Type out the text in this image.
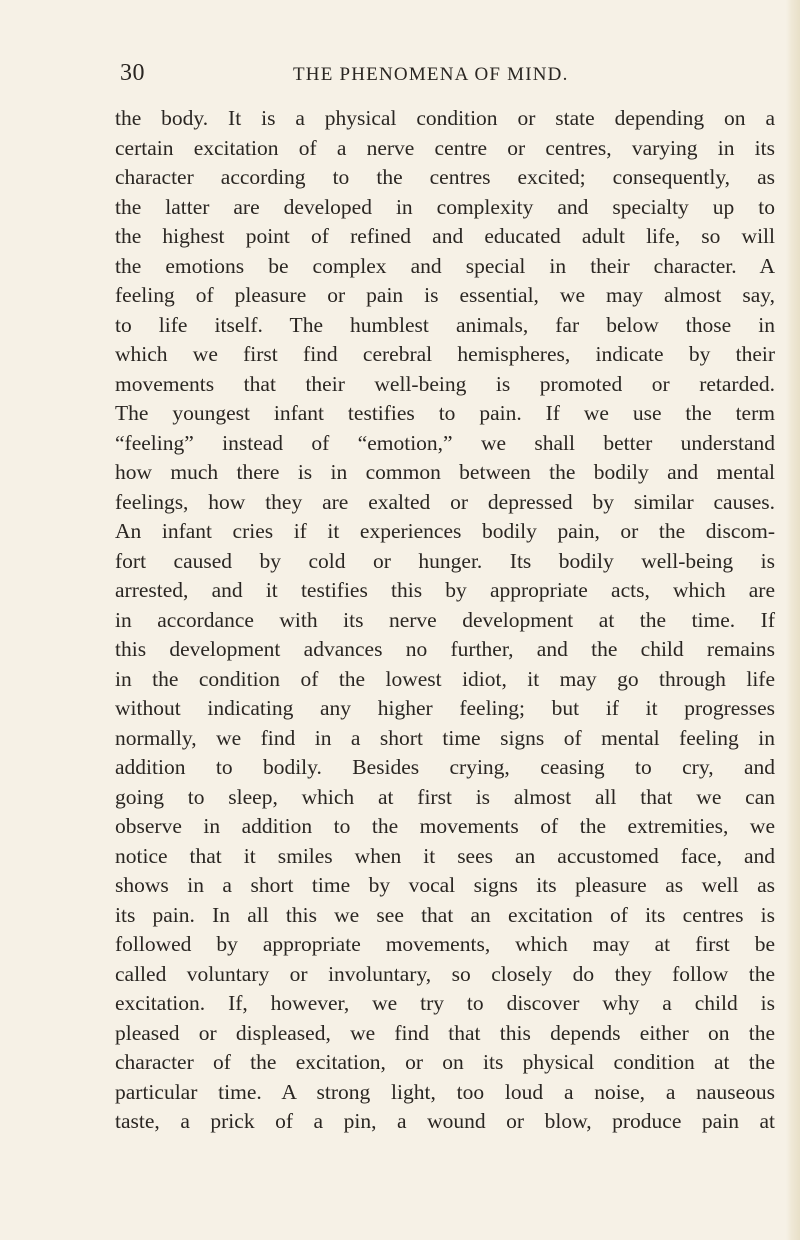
30	THE PHENOMENA OF MIND.
the body. It is a physical condition or state depending on a
certain excitation of a nerve centre or centres, varying in its
character according to the centres excited; consequently, as
the latter are developed in complexity and specialty up to
the highest point of refined and educated adult life, so will
the emotions be complex and special in their character. A
feeling of pleasure or pain is essential, we may almost say,
to life itself. The humblest animals, far below those in
which we first find cerebral hemispheres, indicate by their
movements that their well-being is promoted or retarded.
The youngest infant testifies to pain. If we use the term
“feeling” instead of “emotion,” we shall better understand
how much there is in common between the bodily and mental
feelings, how they are exalted or depressed by similar causes.
An infant cries if it experiences bodily pain, or the discom-
fort caused by cold or hunger. Its bodily well-being is
arrested, and it testifies this by appropriate acts, which are
in accordance with its nerve development at the time. If
this development advances no further, and the child remains
in the condition of the lowest idiot, it may go through life
without indicating any higher feeling; but if it progresses
normally, we find in a short time signs of mental feeling in
addition to bodily. Besides crying, ceasing to cry, and
going to sleep, which at first is almost all that we can
observe in addition to the movements of the extremities, we
notice that it smiles when it sees an accustomed face, and
shows in a short time by vocal signs its pleasure as well as
its pain. In all this we see that an excitation of its centres is
followed by appropriate movements, which may at first be
called voluntary or involuntary, so closely do they follow the
excitation. If, however, we try to discover why a child is
pleased or displeased, we find that this depends either on the
character of the excitation, or on its physical condition at the
particular time. A strong light, too loud a noise, a nauseous
taste, a prick of a pin, a wound or blow, produce pain at
